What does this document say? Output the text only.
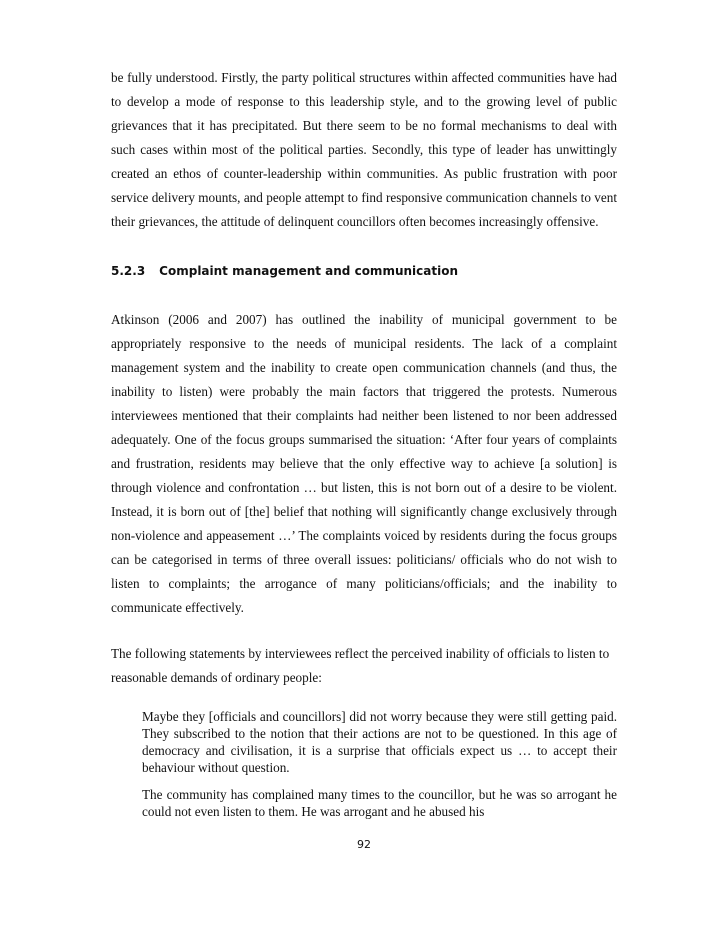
be fully understood. Firstly, the party political structures within affected communities have had to develop a mode of response to this leadership style, and to the growing level of public grievances that it has precipitated. But there seem to be no formal mechanisms to deal with such cases within most of the political parties. Secondly, this type of leader has unwittingly created an ethos of counter-leadership within communities. As public frustration with poor service delivery mounts, and people attempt to find responsive communication channels to vent their grievances, the attitude of delinquent councillors often becomes increasingly offensive.

5.2.3 Complaint management and communication

Atkinson (2006 and 2007) has outlined the inability of municipal government to be appropriately responsive to the needs of municipal residents. The lack of a complaint management system and the inability to create open communication channels (and thus, the inability to listen) were probably the main factors that triggered the protests. Numerous interviewees mentioned that their complaints had neither been listened to nor been addressed adequately. One of the focus groups summarised the situation: ‘After four years of complaints and frustration, residents may believe that the only effective way to achieve [a solution] is through violence and confrontation … but listen, this is not born out of a desire to be violent. Instead, it is born out of [the] belief that nothing will significantly change exclusively through non-violence and appeasement …’ The complaints voiced by residents during the focus groups can be categorised in terms of three overall issues: politicians/ officials who do not wish to listen to complaints; the arrogance of many politicians/officials; and the inability to communicate effectively.

The following statements by interviewees reflect the perceived inability of officials to listen to reasonable demands of ordinary people:

Maybe they [officials and councillors] did not worry because they were still getting paid. They subscribed to the notion that their actions are not to be questioned. In this age of democracy and civilisation, it is a surprise that officials expect us … to accept their behaviour without question.

The community has complained many times to the councillor, but he was so arrogant he could not even listen to them. He was arrogant and he abused his

92
